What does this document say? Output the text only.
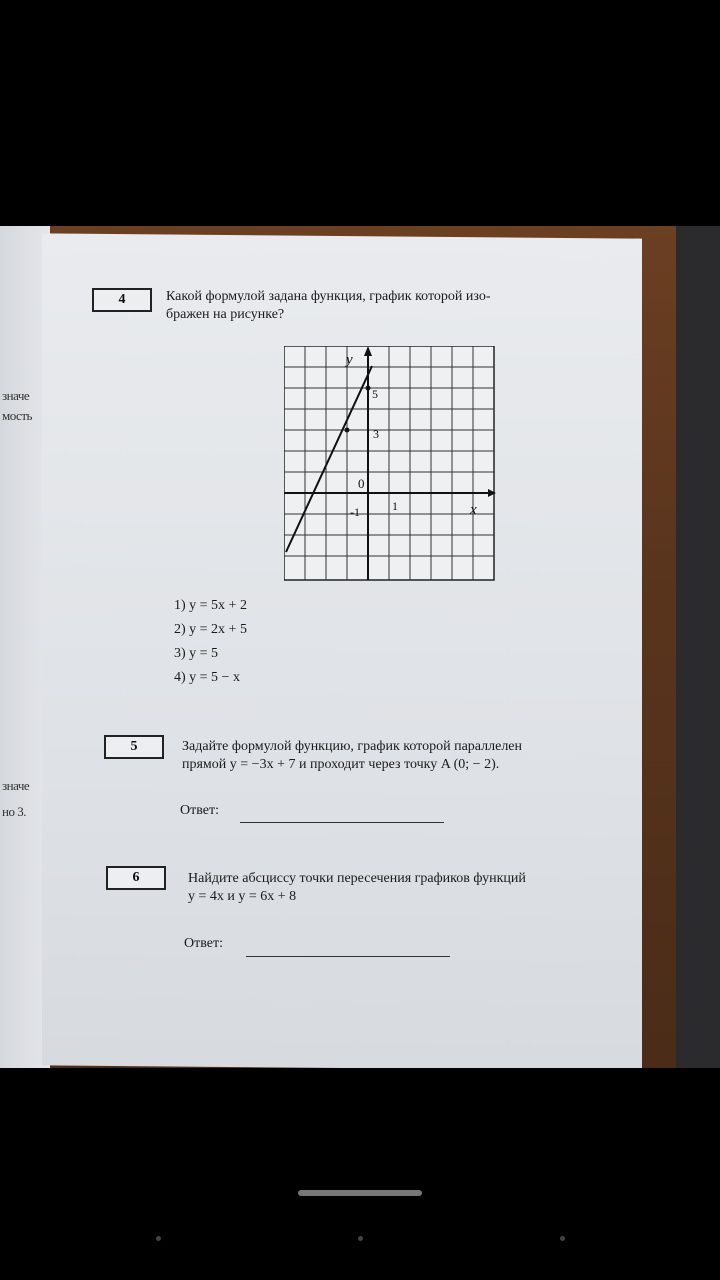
значе
мость
значе
но 3.
4	Какой формулой задана функция, график которой изо-
бражен на рисунке?
y
x
0
5
3
1
-1
1) y = 5x + 2
2) y = 2x + 5
3) y = 5
4) y = 5 − x
5	Задайте формулой функцию, график которой параллелен
прямой y = −3x + 7 и проходит через точку A (0; − 2).
Ответ:
6	Найдите абсциссу точки пересечения графиков функций
y = 4x и y = 6x + 8
Ответ:
